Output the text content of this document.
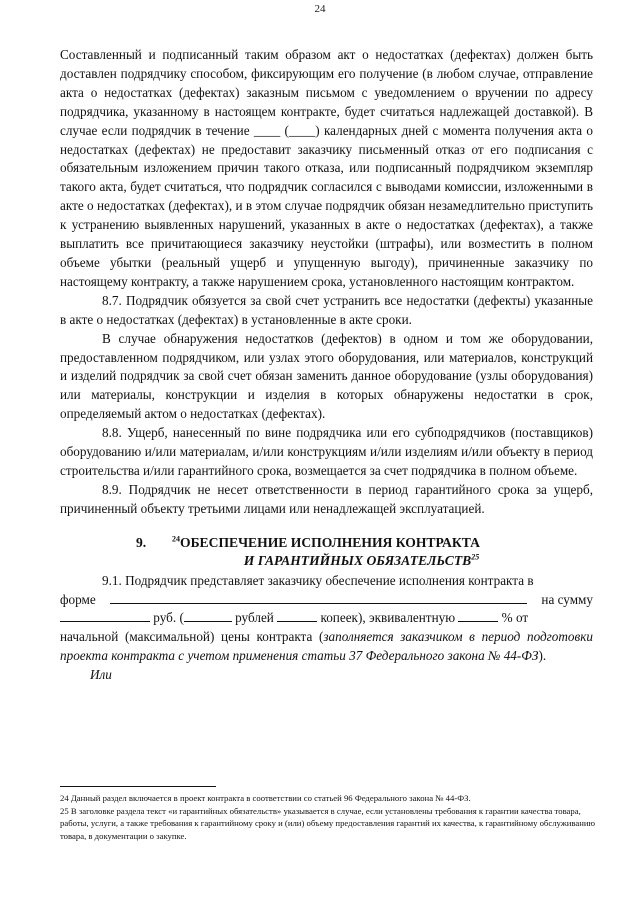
24

Составленный и подписанный таким образом акт о недостатках (дефектах) должен быть доставлен подрядчику способом, фиксирующим его получение (в любом случае, отправление акта о недостатках (дефектах) заказным письмом с уведомлением о вручении по адресу подрядчика, указанному в настоящем контракте, будет считаться надлежащей доставкой). В случае если подрядчик в течение ____ (____) календарных дней с момента получения акта о недостатках (дефектах) не предоставит заказчику письменный отказ от его подписания с обязательным изложением причин такого отказа, или подписанный подрядчиком экземпляр такого акта, будет считаться, что подрядчик согласился с выводами комиссии, изложенными в акте о недостатках (дефектах), и в этом случае подрядчик обязан незамедлительно приступить к устранению выявленных нарушений, указанных в акте о недостатках (дефектах), а также выплатить все причитающиеся заказчику неустойки (штрафы), или возместить в полном объеме убытки (реальный ущерб и упущенную выгоду), причиненные заказчику по настоящему контракту, а также нарушением срока, установленного настоящим контрактом.

8.7. Подрядчик обязуется за свой счет устранить все недостатки (дефекты) указанные в акте о недостатках (дефектах) в установленные в акте сроки.

В случае обнаружения недостатков (дефектов) в одном и том же оборудовании, предоставленном подрядчиком, или узлах этого оборудования, или материалов, конструкций и изделий подрядчик за свой счет обязан заменить данное оборудование (узлы оборудования) или материалы, конструкции и изделия в которых обнаружены недостатки в срок, определяемый актом о недостатках (дефектах).

8.8. Ущерб, нанесенный по вине подрядчика или его субподрядчиков (поставщиков) оборудованию и/или материалам, и/или конструкциям и/или изделиям и/или объекту в период строительства и/или гарантийного срока, возмещается за счет подрядчика в полном объеме.

8.9. Подрядчик не несет ответственности в период гарантийного срока за ущерб, причиненный объекту третьими лицами или ненадлежащей эксплуатацией.

9.	$^{24}$ОБЕСПЕЧЕНИЕ ИСПОЛНЕНИЯ КОНТРАКТА
И ГАРАНТИЙНЫХ ОБЯЗАТЕЛЬСТВ$^{25}$

9.1. Подрядчик представляет заказчику обеспечение исполнения контракта в

форме	на сумму
руб. (	рублей	копеек), эквивалентную	% от

начальной (максимальной) цены контракта (заполняется заказчиком в период подготовки проекта контракта с учетом применения статьи 37 Федерального закона № 44-ФЗ).

Или

24 Данный раздел включается в проект контракта в соответствии со статьей 96 Федерального закона № 44-ФЗ.

25 В заголовке раздела текст «и гарантийных обязательств» указывается в случае, если установлены требования к гарантии качества товара, работы, услуги, а также требования к гарантийному сроку и (или) объему предоставления гарантий их качества, к гарантийному обслуживанию товара, в документации о закупке.
